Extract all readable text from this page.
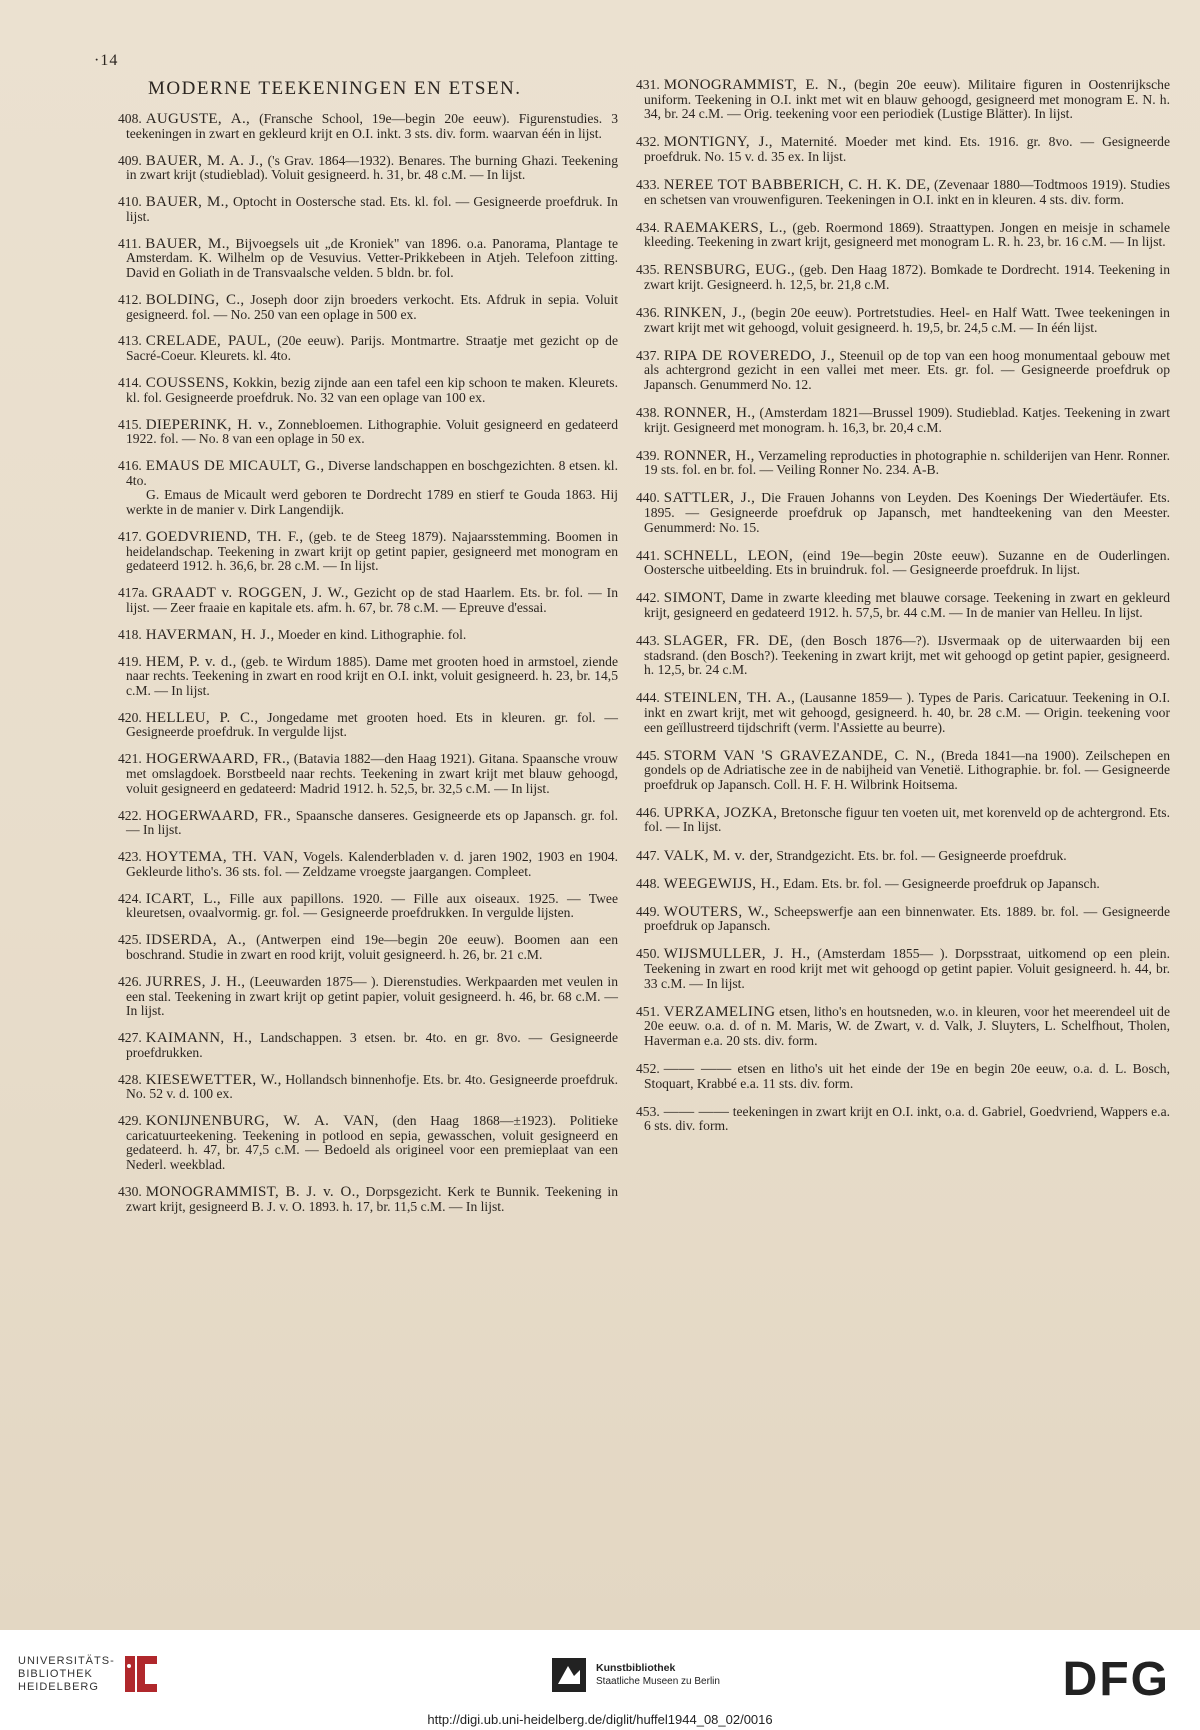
·14
MODERNE TEEKENINGEN EN ETSEN.
408. AUGUSTE, A., (Fransche School, 19e—begin 20e eeuw). Figurenstudies. 3 teekeningen in zwart en gekleurd krijt en O.I. inkt. 3 sts. div. form. waarvan één in lijst.
409. BAUER, M. A. J., ('s Grav. 1864—1932). Benares. The burning Ghazi. Teekening in zwart krijt (studieblad). Voluit gesigneerd. h. 31, br. 48 c.M. — In lijst.
410. BAUER, M., Optocht in Oostersche stad. Ets. kl. fol. — Gesigneerde proefdruk. In lijst.
411. BAUER, M., Bijvoegsels uit „de Kroniek" van 1896. o.a. Panorama, Plantage te Amsterdam. K. Wilhelm op de Vesuvius. Vetter-Prikkebeen in Atjeh. Telefoon zitting. David en Goliath in de Transvaalsche velden. 5 bldn. br. fol.
412. BOLDING, C., Joseph door zijn broeders verkocht. Ets. Afdruk in sepia. Voluit gesigneerd. fol. — No. 250 van een oplage in 500 ex.
413. CRELADE, PAUL, (20e eeuw). Parijs. Montmartre. Straatje met gezicht op de Sacré-Coeur. Kleurets. kl. 4to.
414. COUSSENS, Kokkin, bezig zijnde aan een tafel een kip schoon te maken. Kleurets. kl. fol. Gesigneerde proefdruk. No. 32 van een oplage van 100 ex.
415. DIEPERINK, H. v., Zonnebloemen. Lithographie. Voluit gesigneerd en gedateerd 1922. fol. — No. 8 van een oplage in 50 ex.
416. EMAUS DE MICAULT, G., Diverse landschappen en boschgezichten. 8 etsen. kl. 4to.
G. Emaus de Micault werd geboren te Dordrecht 1789 en stierf te Gouda 1863. Hij werkte in de manier v. Dirk Langendijk.
417. GOEDVRIEND, TH. F., (geb. te de Steeg 1879). Najaarsstemming. Boomen in heidelandschap. Teekening in zwart krijt op getint papier, gesigneerd met monogram en gedateerd 1912. h. 36,6, br. 28 c.M. — In lijst.
417a. GRAADT v. ROGGEN, J. W., Gezicht op de stad Haarlem. Ets. br. fol. — In lijst. — Zeer fraaie en kapitale ets. afm. h. 67, br. 78 c.M. — Epreuve d'essai.
418. HAVERMAN, H. J., Moeder en kind. Lithographie. fol.
419. HEM, P. v. d., (geb. te Wirdum 1885). Dame met grooten hoed in armstoel, ziende naar rechts. Teekening in zwart en rood krijt en O.I. inkt, voluit gesigneerd. h. 23, br. 14,5 c.M. — In lijst.
420. HELLEU, P. C., Jongedame met grooten hoed. Ets in kleuren. gr. fol. — Gesigneerde proefdruk. In vergulde lijst.
421. HOGERWAARD, FR., (Batavia 1882—den Haag 1921). Gitana. Spaansche vrouw met omslagdoek. Borstbeeld naar rechts. Teekening in zwart krijt met blauw gehoogd, voluit gesigneerd en gedateerd: Madrid 1912. h. 52,5, br. 32,5 c.M. — In lijst.
422. HOGERWAARD, FR., Spaansche danseres. Gesigneerde ets op Japansch. gr. fol. — In lijst.
423. HOYTEMA, TH. VAN, Vogels. Kalenderbladen v. d. jaren 1902, 1903 en 1904. Gekleurde litho's. 36 sts. fol. — Zeldzame vroegste jaargangen. Compleet.
424. ICART, L., Fille aux papillons. 1920. — Fille aux oiseaux. 1925. — Twee kleuretsen, ovaalvormig. gr. fol. — Gesigneerde proefdrukken. In vergulde lijsten.
425. IDSERDA, A., (Antwerpen eind 19e—begin 20e eeuw). Boomen aan een boschrand. Studie in zwart en rood krijt, voluit gesigneerd. h. 26, br. 21 c.M.
426. JURRES, J. H., (Leeuwarden 1875— ). Dierenstudies. Werkpaarden met veulen in een stal. Teekening in zwart krijt op getint papier, voluit gesigneerd. h. 46, br. 68 c.M. — In lijst.
427. KAIMANN, H., Landschappen. 3 etsen. br. 4to. en gr. 8vo. — Gesigneerde proefdrukken.
428. KIESEWETTER, W., Hollandsch binnenhofje. Ets. br. 4to. Gesigneerde proefdruk. No. 52 v. d. 100 ex.
429. KONIJNENBURG, W. A. VAN, (den Haag 1868—±1923). Politieke caricatuurteekening. Teekening in potlood en sepia, gewasschen, voluit gesigneerd en gedateerd. h. 47, br. 47,5 c.M. — Bedoeld als origineel voor een premieplaat van een Nederl. weekblad.
430. MONOGRAMMIST, B. J. v. O., Dorpsgezicht. Kerk te Bunnik. Teekening in zwart krijt, gesigneerd B. J. v. O. 1893. h. 17, br. 11,5 c.M. — In lijst.
431. MONOGRAMMIST, E. N., (begin 20e eeuw). Militaire figuren in Oostenrijksche uniform. Teekening in O.I. inkt met wit en blauw gehoogd, gesigneerd met monogram E. N. h. 34, br. 24 c.M. — Orig. teekening voor een periodiek (Lustige Blätter). In lijst.
432. MONTIGNY, J., Maternité. Moeder met kind. Ets. 1916. gr. 8vo. — Gesigneerde proefdruk. No. 15 v. d. 35 ex. In lijst.
433. NEREE TOT BABBERICH, C. H. K. DE, (Zevenaar 1880—Todtmoos 1919). Studies en schetsen van vrouwenfiguren. Teekeningen in O.I. inkt en in kleuren. 4 sts. div. form.
434. RAEMAKERS, L., (geb. Roermond 1869). Straattypen. Jongen en meisje in schamele kleeding. Teekening in zwart krijt, gesigneerd met monogram L. R. h. 23, br. 16 c.M. — In lijst.
435. RENSBURG, EUG., (geb. Den Haag 1872). Bomkade te Dordrecht. 1914. Teekening in zwart krijt. Gesigneerd. h. 12,5, br. 21,8 c.M.
436. RINKEN, J., (begin 20e eeuw). Portretstudies. Heel- en Half Watt. Twee teekeningen in zwart krijt met wit gehoogd, voluit gesigneerd. h. 19,5, br. 24,5 c.M. — In één lijst.
437. RIPA DE ROVEREDO, J., Steenuil op de top van een hoog monumentaal gebouw met als achtergrond gezicht in een vallei met meer. Ets. gr. fol. — Gesigneerde proefdruk op Japansch. Genummerd No. 12.
438. RONNER, H., (Amsterdam 1821—Brussel 1909). Studieblad. Katjes. Teekening in zwart krijt. Gesigneerd met monogram. h. 16,3, br. 20,4 c.M.
439. RONNER, H., Verzameling reproducties in photographie n. schilderijen van Henr. Ronner. 19 sts. fol. en br. fol. — Veiling Ronner No. 234. A-B.
440. SATTLER, J., Die Frauen Johanns von Leyden. Des Koenings Der Wiedertäufer. Ets. 1895. — Gesigneerde proefdruk op Japansch, met handteekening van den Meester. Genummerd: No. 15.
441. SCHNELL, LEON, (eind 19e—begin 20ste eeuw). Suzanne en de Ouderlingen. Oostersche uitbeelding. Ets in bruindruk. fol. — Gesigneerde proefdruk. In lijst.
442. SIMONT, Dame in zwarte kleeding met blauwe corsage. Teekening in zwart en gekleurd krijt, gesigneerd en gedateerd 1912. h. 57,5, br. 44 c.M. — In de manier van Helleu. In lijst.
443. SLAGER, FR. DE, (den Bosch 1876—?). IJsvermaak op de uiterwaarden bij een stadsrand. (den Bosch?). Teekening in zwart krijt, met wit gehoogd op getint papier, gesigneerd. h. 12,5, br. 24 c.M.
444. STEINLEN, TH. A., (Lausanne 1859— ). Types de Paris. Caricatuur. Teekening in O.I. inkt en zwart krijt, met wit gehoogd, gesigneerd. h. 40, br. 28 c.M. — Origin. teekening voor een geïllustreerd tijdschrift (verm. l'Assiette au beurre).
445. STORM VAN 'S GRAVEZANDE, C. N., (Breda 1841—na 1900). Zeilschepen en gondels op de Adriatische zee in de nabijheid van Venetië. Lithographie. br. fol. — Gesigneerde proefdruk op Japansch. Coll. H. F. H. Wilbrink Hoitsema.
446. UPRKA, JOZKA, Bretonsche figuur ten voeten uit, met korenveld op de achtergrond. Ets. fol. — In lijst.
447. VALK, M. v. der, Strandgezicht. Ets. br. fol. — Gesigneerde proefdruk.
448. WEEGEWIJS, H., Edam. Ets. br. fol. — Gesigneerde proefdruk op Japansch.
449. WOUTERS, W., Scheepswerfje aan een binnenwater. Ets. 1889. br. fol. — Gesigneerde proefdruk op Japansch.
450. WIJSMULLER, J. H., (Amsterdam 1855— ). Dorpsstraat, uitkomend op een plein. Teekening in zwart en rood krijt met wit gehoogd op getint papier. Voluit gesigneerd. h. 44, br. 33 c.M. — In lijst.
451. VERZAMELING etsen, litho's en houtsneden, w.o. in kleuren, voor het meerendeel uit de 20e eeuw. o.a. d. of n. M. Maris, W. de Zwart, v. d. Valk, J. Sluyters, L. Schelfhout, Tholen, Haverman e.a. 20 sts. div. form.
452. —— —— etsen en litho's uit het einde der 19e en begin 20e eeuw, o.a. d. L. Bosch, Stoquart, Krabbé e.a. 11 sts. div. form.
453. —— —— teekeningen in zwart krijt en O.I. inkt, o.a. d. Gabriel, Goedvriend, Wappers e.a. 6 sts. div. form.
UNIVERSITÄTS-
BIBLIOTHEK
HEIDELBERG
Kunstbibliothek
Staatliche Museen zu Berlin	DFG
http://digi.ub.uni-heidelberg.de/diglit/huffel1944_08_02/0016
